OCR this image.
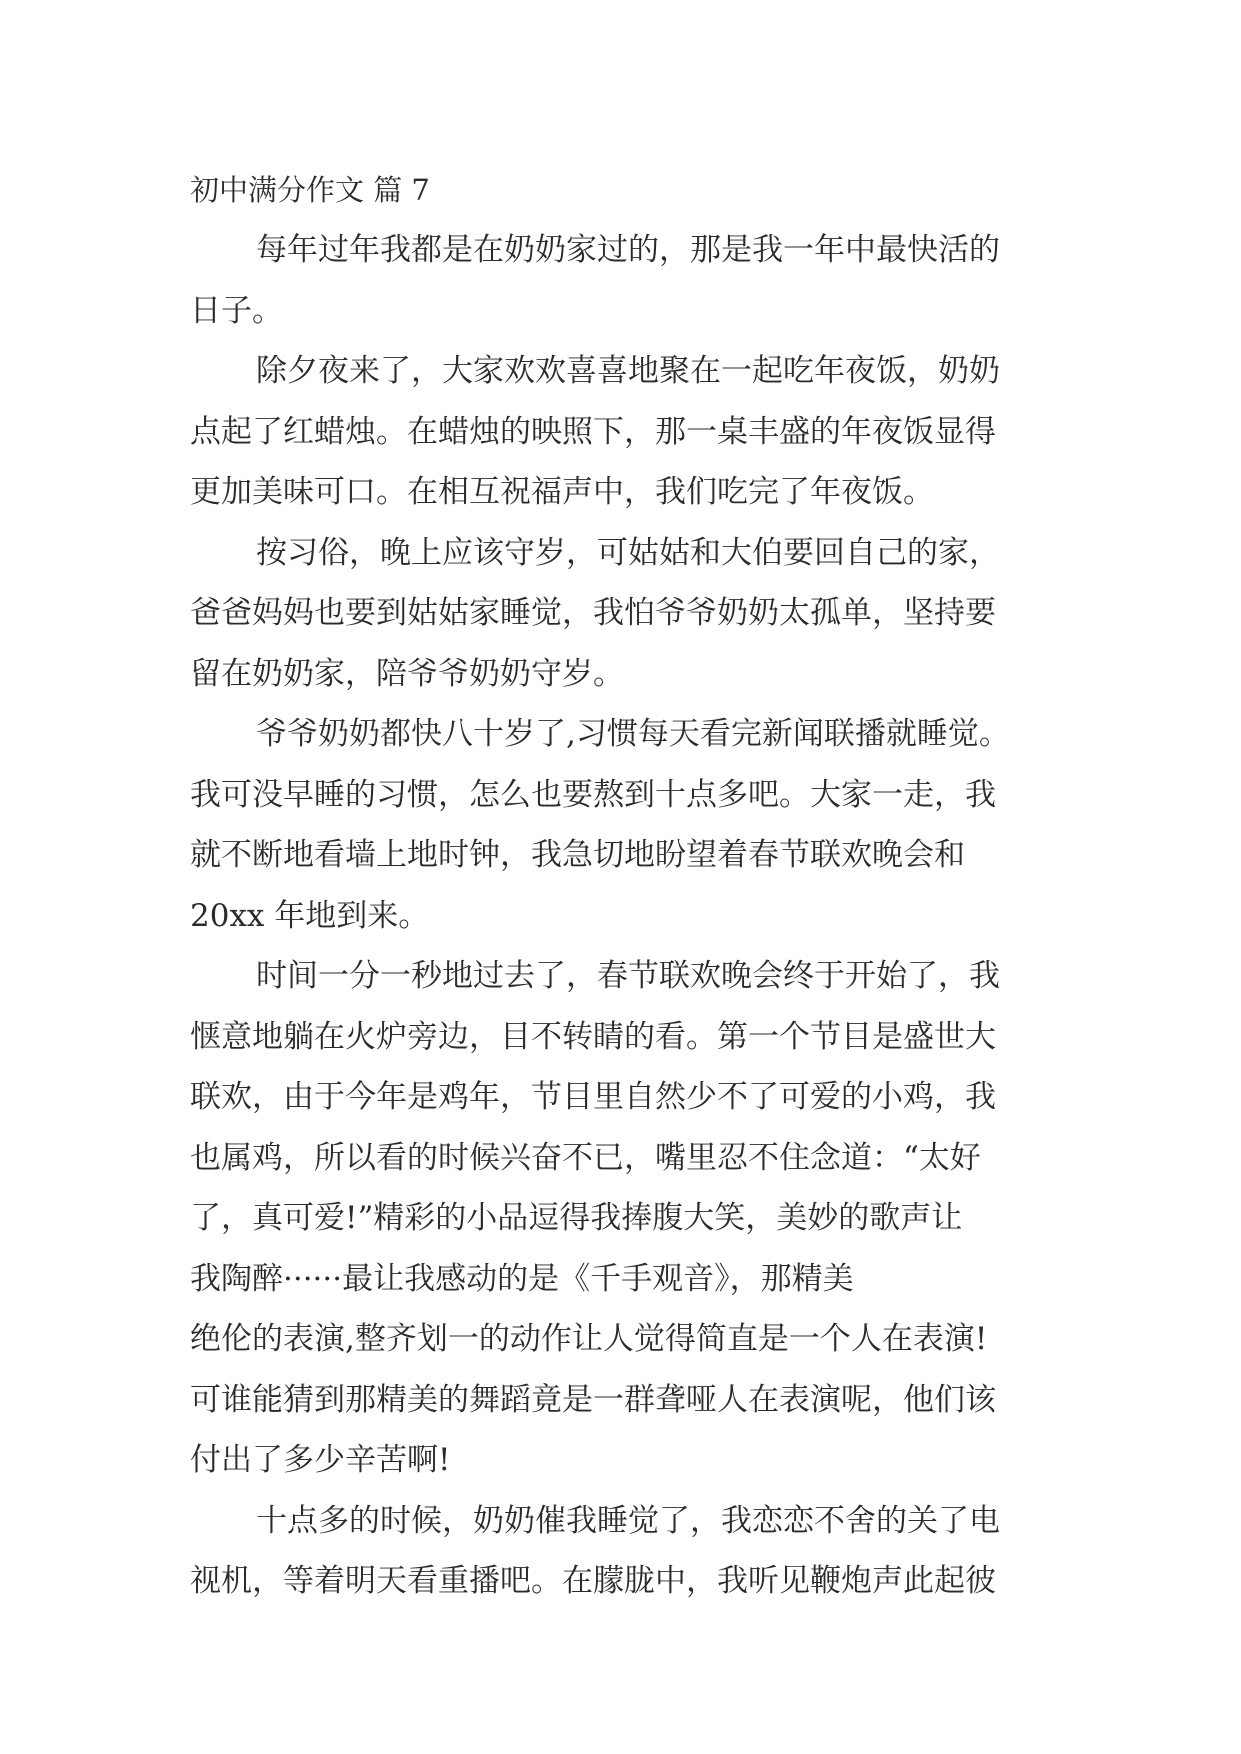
初中满分作文 篇 7
每年过年我都是在奶奶家过的，那是我一年中最快活的
日子。
除夕夜来了，大家欢欢喜喜地聚在一起吃年夜饭，奶奶
点起了红蜡烛。在蜡烛的映照下，那一桌丰盛的年夜饭显得
更加美味可口。在相互祝福声中，我们吃完了年夜饭。
按习俗，晚上应该守岁，可姑姑和大伯要回自己的家，
爸爸妈妈也要到姑姑家睡觉，我怕爷爷奶奶太孤单，坚持要
留在奶奶家，陪爷爷奶奶守岁。
爷爷奶奶都快八十岁了,习惯每天看完新闻联播就睡觉。
我可没早睡的习惯，怎么也要熬到十点多吧。大家一走，我
就不断地看墙上地时钟，我急切地盼望着春节联欢晚会和
20xx 年地到来。
时间一分一秒地过去了，春节联欢晚会终于开始了，我
惬意地躺在火炉旁边，目不转睛的看。第一个节目是盛世大
联欢，由于今年是鸡年，节目里自然少不了可爱的小鸡，我
也属鸡，所以看的时候兴奋不已，嘴里忍不住念道：“太好
了，真可爱!”精彩的小品逗得我捧腹大笑，美妙的歌声让
我陶醉······最让我感动的是《千手观音》，那精美
绝伦的表演,整齐划一的动作让人觉得简直是一个人在表演!
可谁能猜到那精美的舞蹈竟是一群聋哑人在表演呢，他们该
付出了多少辛苦啊!
十点多的时候，奶奶催我睡觉了，我恋恋不舍的关了电
视机，等着明天看重播吧。在朦胧中，我听见鞭炮声此起彼
